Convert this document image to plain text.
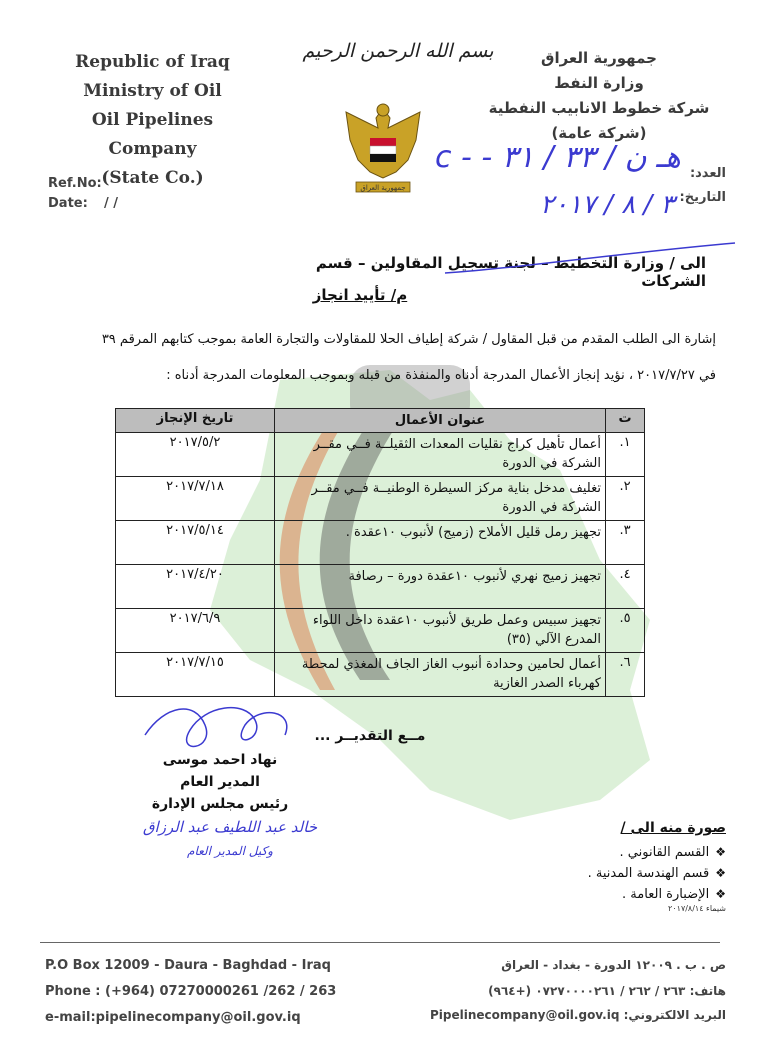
Republic of Iraq
Ministry of Oil
Oil Pipelines Company
(State Co.)
بسم الله الرحمن الرحيم
جمهورية العراق
جمهورية العراق
وزارة النفط
شركة خطوط الانابيب النفطية
(شركة عامة)
Ref.No:
Date: / /
العدد:
التاريخ:
هـ ن / ٣٣ / ٣١ - - c
٣ / ٨ / ٢٠١٧
الى / وزارة التخطيط – لجنة تسجيل المقاولين – قسم الشركات
م/ تأييد انجاز
إشارة الى الطلب المقدم من قبل المقاول / شركة إطياف الحلا للمقاولات والتجارة العامة بموجب كتابهم المرقم ٣٩
في ٢٠١٧/٧/٢٧ ، نؤيد إنجاز الأعمال المدرجة أدناه والمنفذة من قبله وبموجب المعلومات المدرجة أدناه :
ت	عنوان الأعمال	تاريخ الإنجاز
١.	أعمال تأهيل كراج نقليات المعدات الثقيلــة فــي مقــر الشركة في الدورة	٢٠١٧/٥/٢
٢.	تغليف مدخل بناية مركز السيطرة الوطنيــة فــي مقــر الشركة في الدورة	٢٠١٧/٧/١٨
٣.	تجهيز رمل قليل الأملاح (زميج) لأنبوب ١٠عقدة .	٢٠١٧/٥/١٤
٤.	تجهيز زميج نهري لأنبوب ١٠عقدة دورة – رصافة	٢٠١٧/٤/٢٠
٥.	تجهيز سبيس وعمل طريق لأنبوب ١٠عقدة داخل اللواء المدرع الآلي (٣٥)	٢٠١٧/٦/٩
٦.	أعمال لحامين وحدادة أنبوب الغاز الجاف المغذي لمحطة كهرباء الصدر الغازية	٢٠١٧/٧/١٥
مــع التقديــر ...
نهاد احمد موسى
المدير العام
رئيس مجلس الإدارة
خالد عبد اللطيف عبد الرزاق
وكيل المدير العام
صورة منه الى /
❖القسم القانوني .
❖قسم الهندسة المدنية .
❖الإضبارة العامة .
شيماء ٢٠١٧/٨/١٤
P.O Box 12009 - Daura - Baghdad - Iraq
Phone : (+964) 07270000261 /262 / 263
e-mail:pipelinecompany@oil.gov.iq
ص . ب . ١٢٠٠٩ الدورة - بغداد - العراق
هاتف: ٢٦٣ / ٢٦٢ / ٠٧٢٧٠٠٠٠٢٦١ (+٩٦٤)
البريد الالكتروني: Pipelinecompany@oil.gov.iq
